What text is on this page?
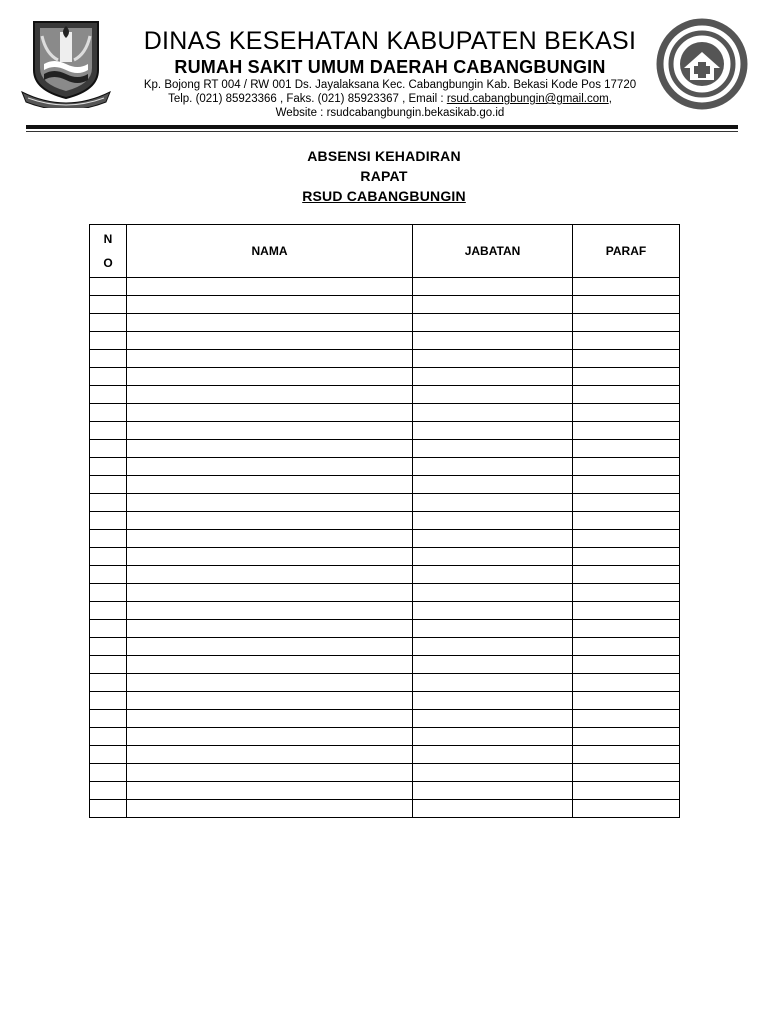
DINAS KESEHATAN KABUPATEN BEKASI

RUMAH SAKIT UMUM DAERAH CABANGBUNGIN

Kp. Bojong RT 004 / RW 001 Ds. Jayalaksana Kec. Cabangbungin Kab. Bekasi Kode Pos 17720

Telp. (021) 85923366 , Faks. (021) 85923367 , Email : rsud.cabangbungin@gmail.com,

Website : rsudcabangbungin.bekasikab.go.id

ABSENSI KEHADIRAN
RAPAT
RSUD CABANGBUNGIN
N
O	NAMA	JABATAN	PARAF
